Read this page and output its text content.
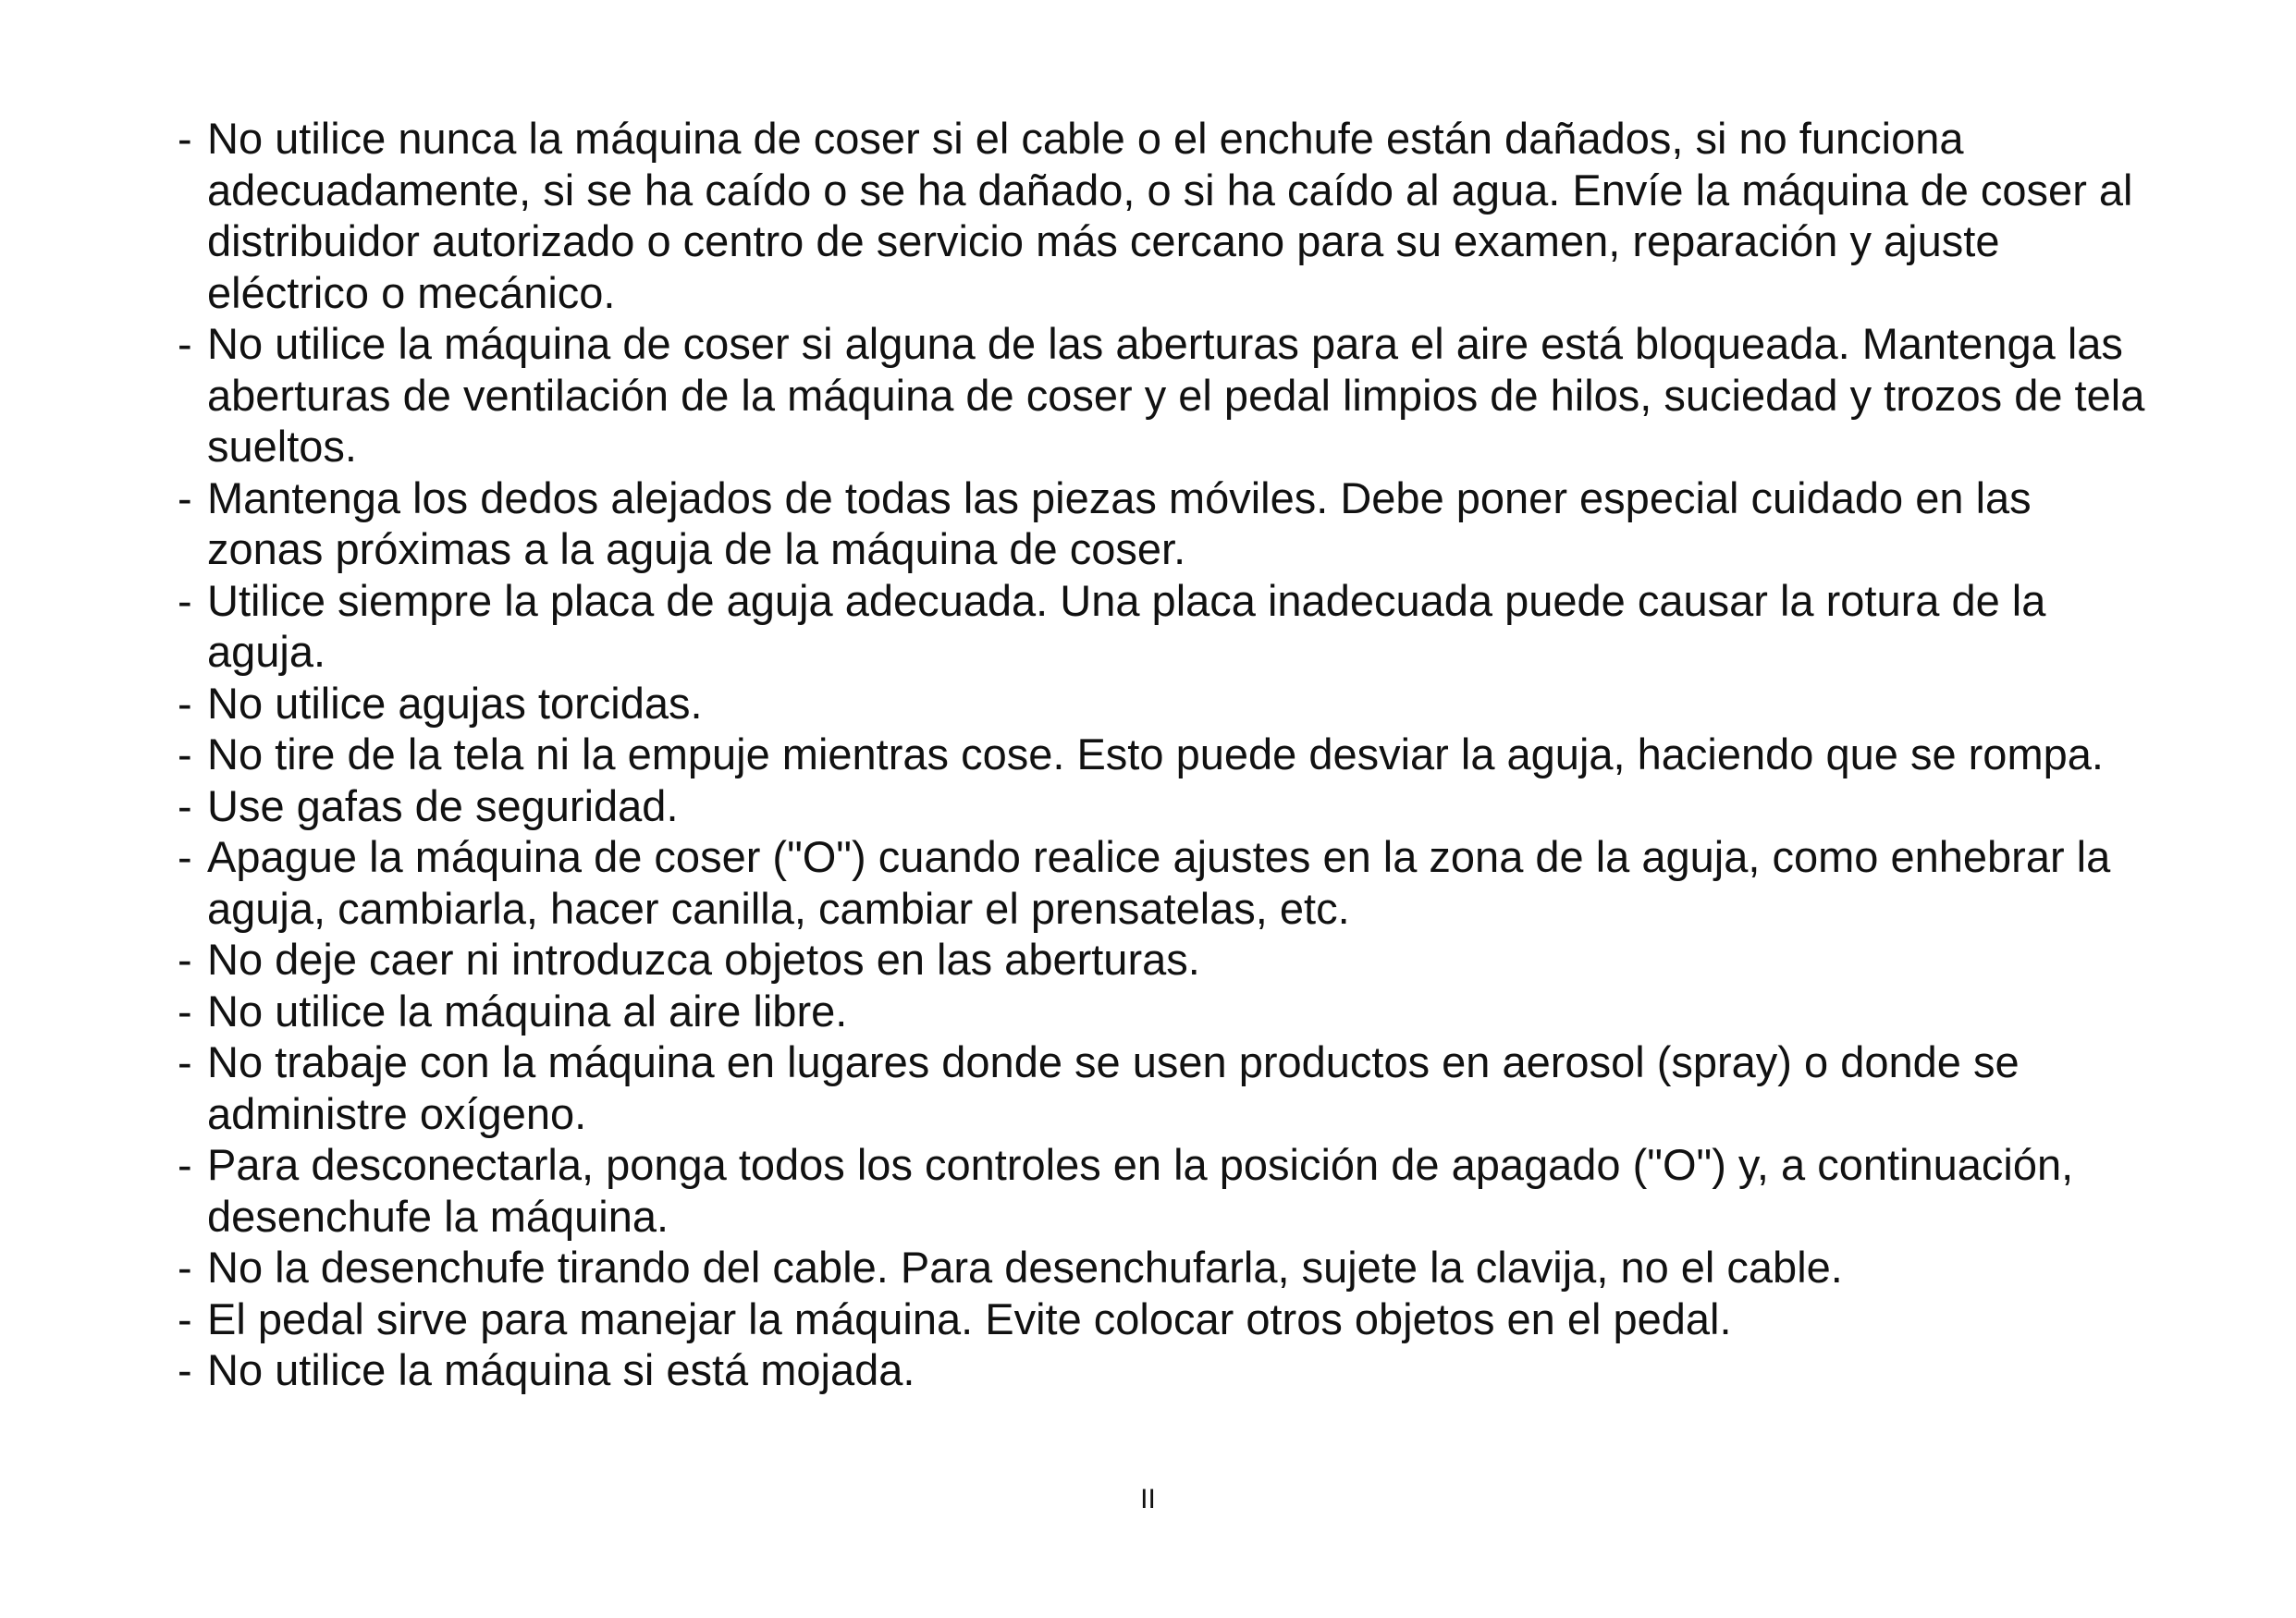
- No utilice nunca la máquina de coser si el cable o el enchufe están dañados, si no funciona adecuadamente, si se ha caído o se ha dañado, o si ha caído al agua. Envíe la máquina de coser al distribuidor autorizado o centro de servicio más cercano para su examen, reparación y ajuste eléctrico o mecánico.
- No utilice la máquina de coser si alguna de las aberturas para el aire está bloqueada. Mantenga las aberturas de ventilación de la máquina de coser y el pedal limpios de hilos, suciedad y trozos de tela sueltos.
- Mantenga los dedos alejados de todas las piezas móviles. Debe poner especial cuidado en las zonas próximas a la aguja de la máquina de coser.
- Utilice siempre la placa de aguja adecuada. Una placa inadecuada puede causar la rotura de la aguja.
- No utilice agujas torcidas.
- No tire de la tela ni la empuje mientras cose. Esto puede desviar la aguja, haciendo que se rompa.
- Use gafas de seguridad.
- Apague la máquina de coser ("O") cuando realice ajustes en la zona de la aguja, como enhebrar la aguja, cambiarla, hacer canilla, cambiar el prensatelas, etc.
- No deje caer ni introduzca objetos en las aberturas.
- No utilice la máquina al aire libre.
- No trabaje con la máquina en lugares donde se usen productos en aerosol (spray) o donde se administre oxígeno.
- Para desconectarla, ponga todos los controles en la posición de apagado ("O") y, a continuación, desenchufe la máquina.
- No la desenchufe tirando del cable. Para desenchufarla, sujete la clavija, no el cable.
- El pedal sirve para manejar la máquina. Evite colocar otros objetos en el pedal.
- No utilice la máquina si está mojada.
II
